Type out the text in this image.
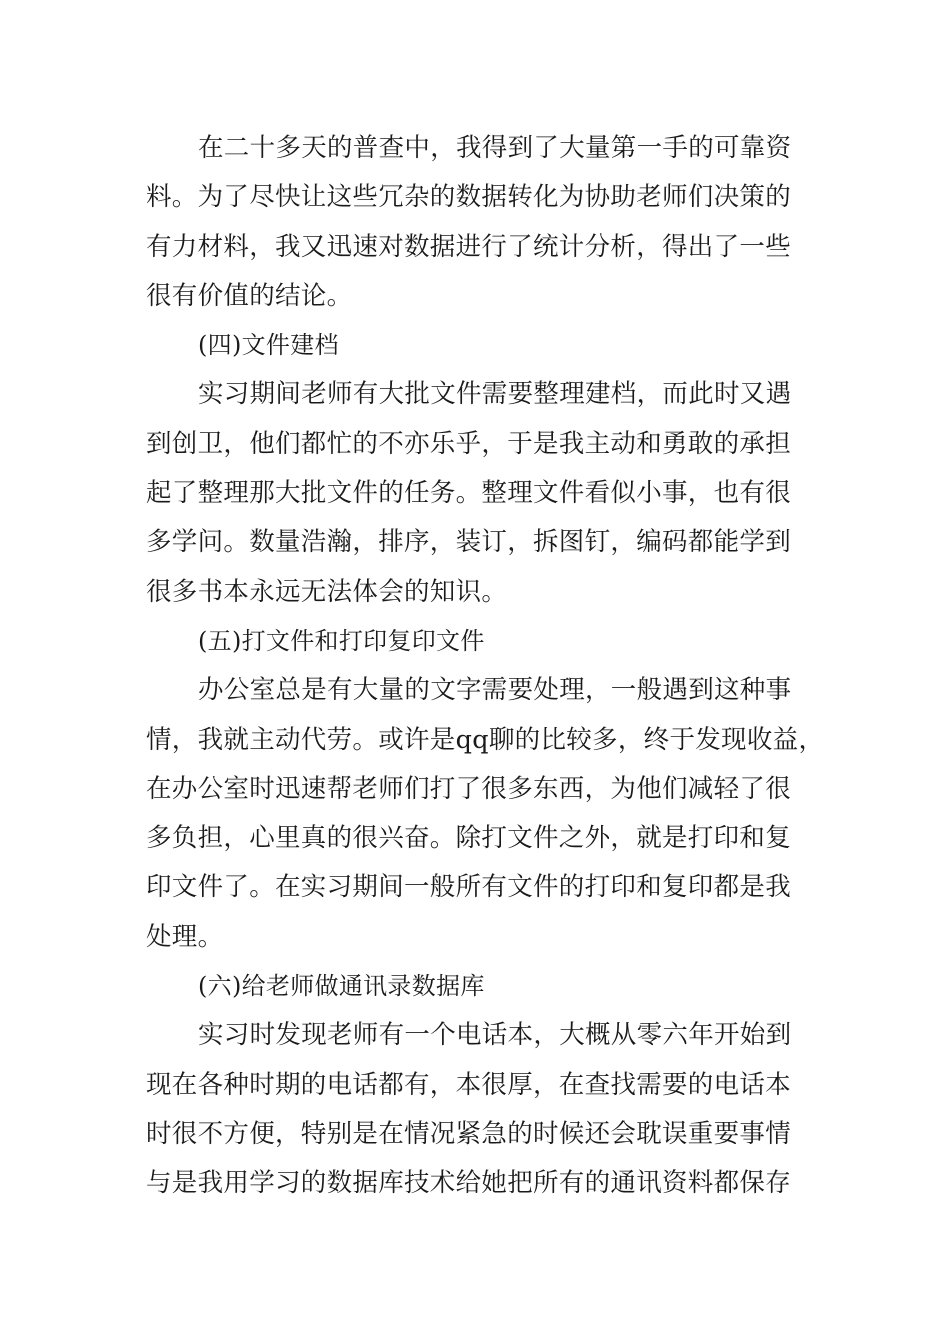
在二十多天的普查中，我得到了大量第一手的可靠资
料。为了尽快让这些冗杂的数据转化为协助老师们决策的
有力材料，我又迅速对数据进行了统计分析，得出了一些
很有价值的结论。
(四)文件建档
实习期间老师有大批文件需要整理建档，而此时又遇
到创卫，他们都忙的不亦乐乎，于是我主动和勇敢的承担
起了整理那大批文件的任务。整理文件看似小事，也有很
多学问。数量浩瀚，排序，装订，拆图钉，编码都能学到
很多书本永远无法体会的知识。
(五)打文件和打印复印文件
办公室总是有大量的文字需要处理，一般遇到这种事
情，我就主动代劳。或许是qq聊的比较多，终于发现收益，
在办公室时迅速帮老师们打了很多东西，为他们减轻了很
多负担，心里真的很兴奋。除打文件之外，就是打印和复
印文件了。在实习期间一般所有文件的打印和复印都是我
处理。
(六)给老师做通讯录数据库
实习时发现老师有一个电话本，大概从零六年开始到
现在各种时期的电话都有，本很厚，在查找需要的电话本
时很不方便，特别是在情况紧急的时候还会耽误重要事情
与是我用学习的数据库技术给她把所有的通讯资料都保存
